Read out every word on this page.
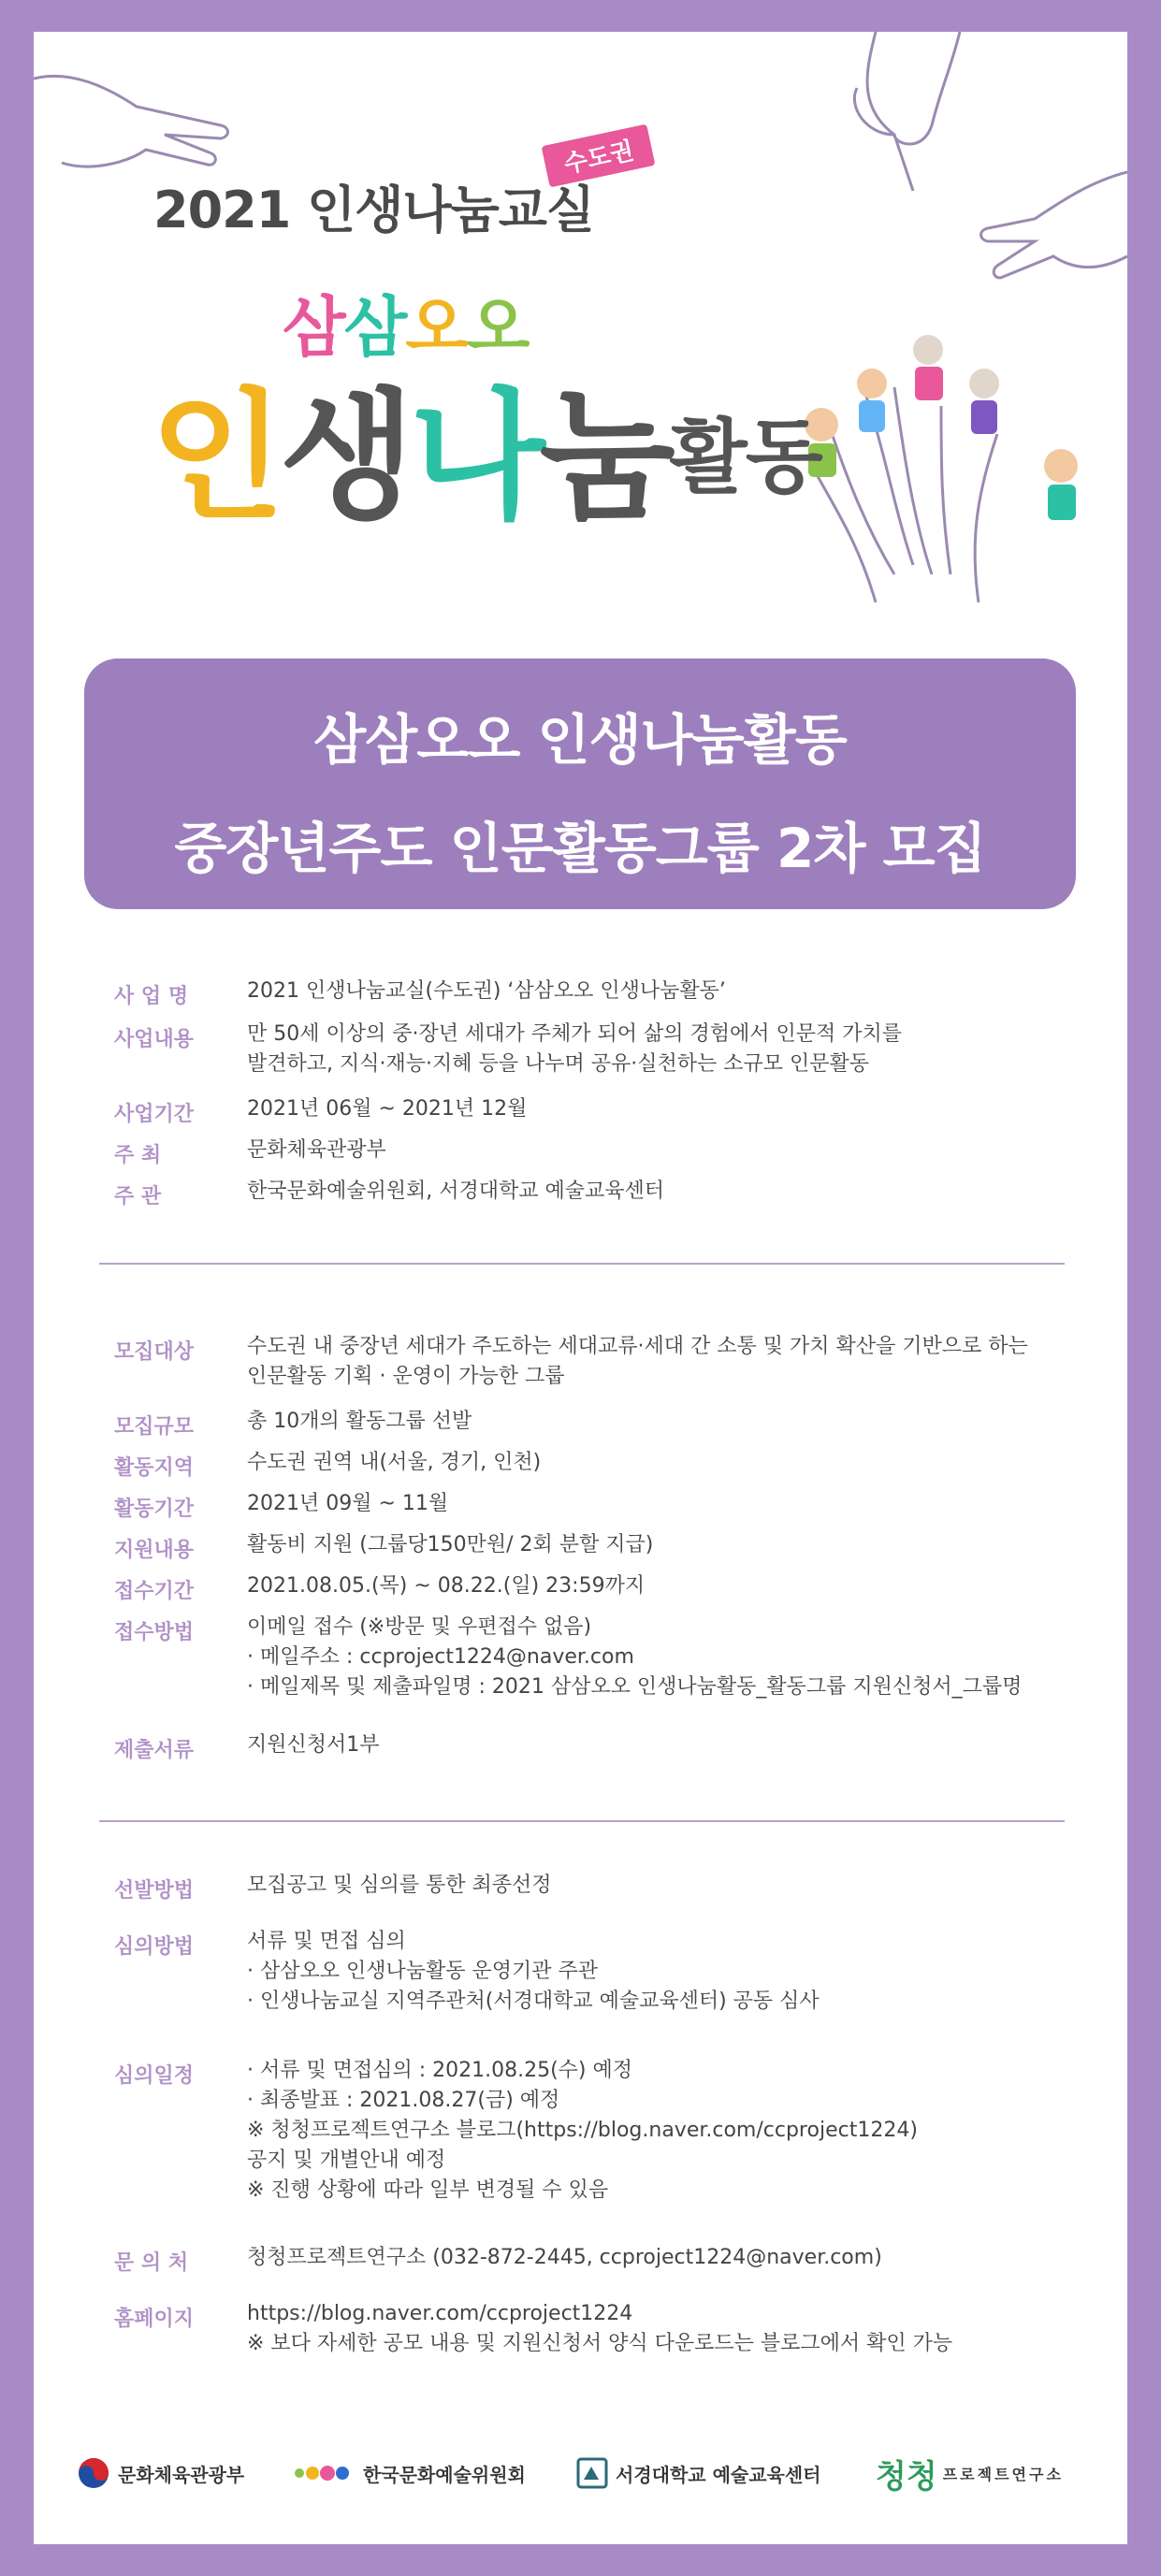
수도권
2021 인생나눔교실
삼삼오오
인생나눔활동
삼삼오오 인생나눔활동
중장년주도 인문활동그룹 2차 모집
사 업 명	2021 인생나눔교실(수도권) ‘삼삼오오 인생나눔활동’
사업내용	만 50세 이상의 중·장년 세대가 주체가 되어 삶의 경험에서 인문적 가치를
발견하고, 지식·재능·지혜 등을 나누며 공유·실천하는 소규모 인문활동
사업기간	2021년 06월 ~ 2021년 12월
주 최	문화체육관광부
주 관	한국문화예술위원회, 서경대학교 예술교육센터
모집대상	수도권 내 중장년 세대가 주도하는 세대교류·세대 간 소통 및 가치 확산을 기반으로 하는
인문활동 기획 · 운영이 가능한 그룹
모집규모	총 10개의 활동그룹 선발
활동지역	수도권 권역 내(서울, 경기, 인천)
활동기간	2021년 09월 ~ 11월
지원내용	활동비 지원 (그룹당150만원/ 2회 분할 지급)
접수기간	2021.08.05.(목) ~ 08.22.(일) 23:59까지
접수방법	이메일 접수 (※방문 및 우편접수 없음)
· 메일주소 : ccproject1224@naver.com
· 메일제목 및 제출파일명 : 2021 삼삼오오 인생나눔활동_활동그룹 지원신청서_그룹명
제출서류	지원신청서1부
선발방법	모집공고 및 심의를 통한 최종선정
심의방법	서류 및 면접 심의
· 삼삼오오 인생나눔활동 운영기관 주관
· 인생나눔교실 지역주관처(서경대학교 예술교육센터) 공동 심사
심의일정	· 서류 및 면접심의 : 2021.08.25(수) 예정
· 최종발표 : 2021.08.27(금) 예정
※ 청청프로젝트연구소 블로그(https://blog.naver.com/ccproject1224)
공지 및 개별안내 예정
※ 진행 상황에 따라 일부 변경될 수 있음
문 의 처	청청프로젝트연구소 (032-872-2445, ccproject1224@naver.com)
홈페이지	https://blog.naver.com/ccproject1224
※ 보다 자세한 공모 내용 및 지원신청서 양식 다운로드는 블로그에서 확인 가능
문화체육관광부	한국문화예술위원회	서경대학교 예술교육센터 청청 프로젝트연구소
